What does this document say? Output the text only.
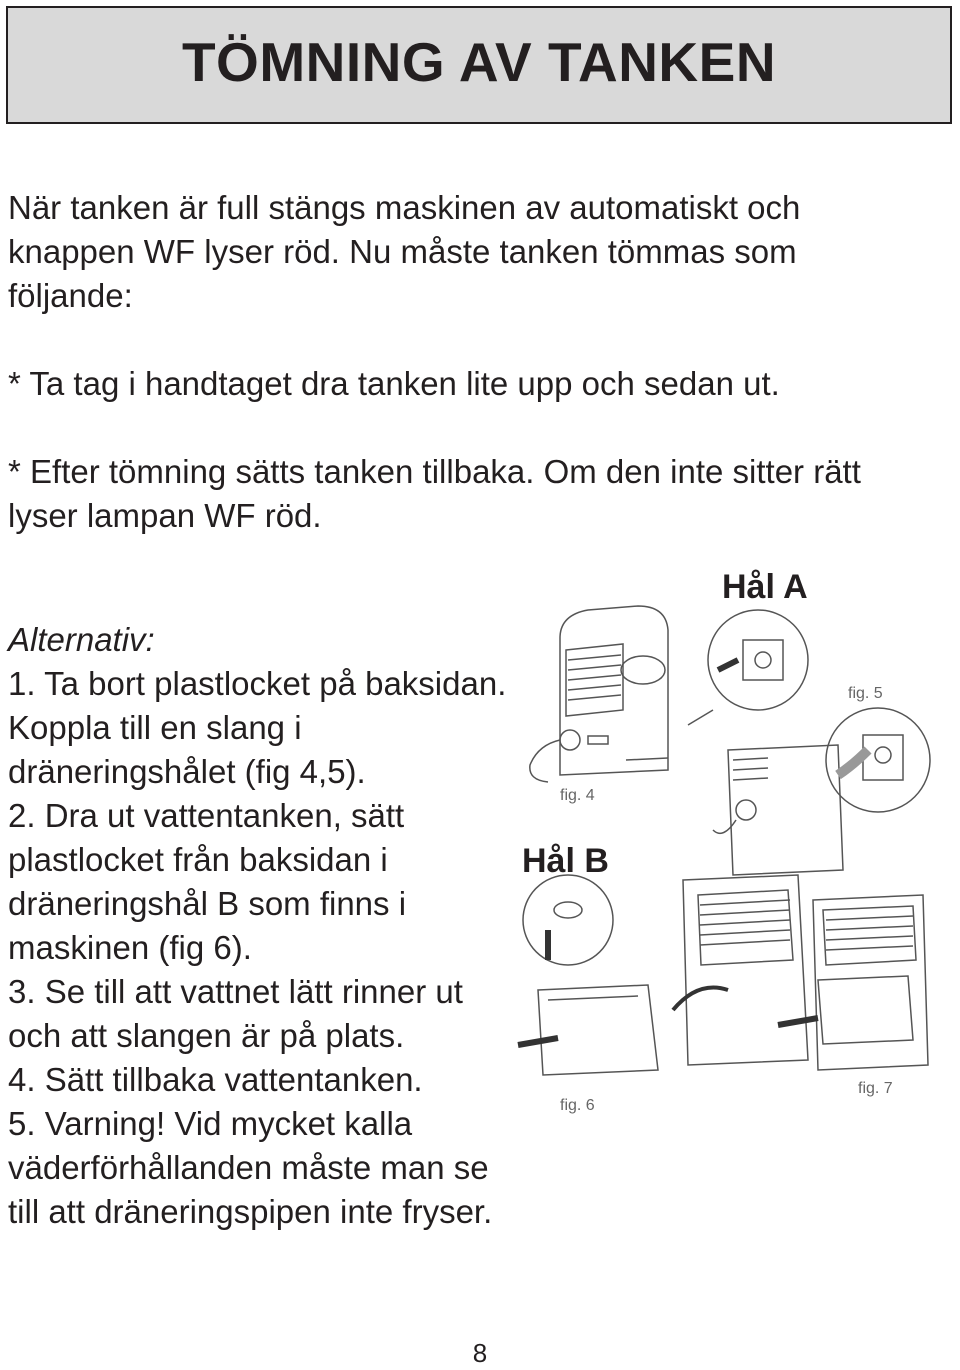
TÖMNING AV TANKEN

När tanken är full stängs maskinen av automatiskt och knappen WF lyser röd. Nu måste tanken tömmas som följande:

* Ta tag i handtaget dra tanken lite upp och sedan ut.

* Efter tömning sätts tanken tillbaka. Om den inte sitter rätt lyser lampan WF röd.

Alternativ:

1. Ta bort plastlocket på baksidan. Koppla till en slang i dräneringshålet (fig 4,5).

2. Dra ut vattentanken, sätt plastlocket från baksidan i dräneringshål B som finns i maskinen (fig 6).

3. Se till att vattnet lätt rinner ut och att slangen är på plats.

4. Sätt tillbaka vattentanken.

5. Varning! Vid mycket kalla väderförhållanden måste man se till att dräneringspipen inte fryser.

fig. 4
fig. 5
fig. 6
fig. 7
Hål A
Hål B
8
